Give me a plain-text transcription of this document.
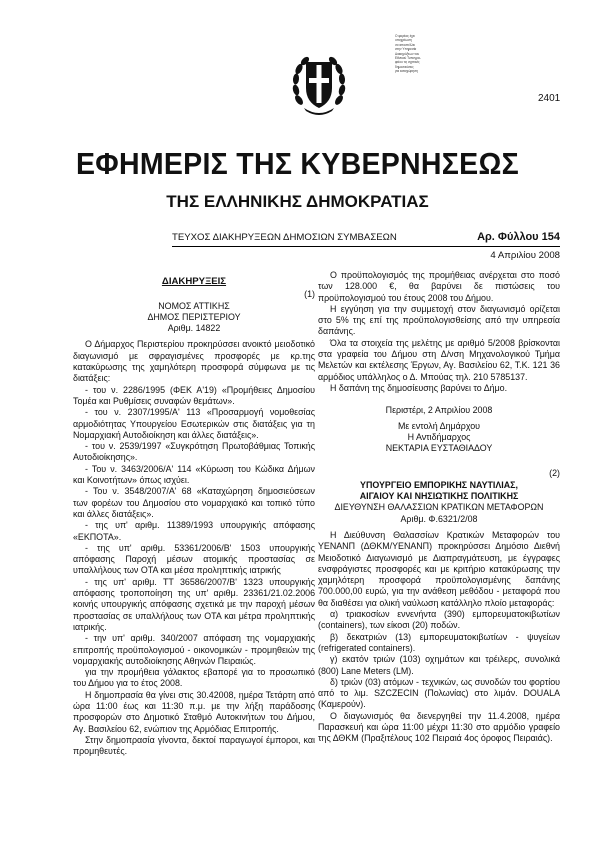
Ο φορέας έχει
υποχρέωση
να αποστέλλει
στην Υπηρεσία
Διακηρύξεων του
Εθνικού Τυπογρα-
φείου τις σχετικές
δημοσιεύσεις
για καταχώρηση
2401
ΕΦΗΜΕΡΙΣ ΤΗΣ ΚΥΒΕΡΝΗΣΕΩΣ
ΤΗΣ ΕΛΛΗΝΙΚΗΣ ΔΗΜΟΚΡΑΤΙΑΣ
ΤΕΥΧΟΣ ΔΙΑΚΗΡΥΞΕΩΝ ΔΗΜΟΣΙΩΝ ΣΥΜΒΑΣΕΩΝ	Αρ. Φύλλου 154
4 Απριλίου 2008
ΔΙΑΚΗΡΥΞΕΙΣ
(1)
ΝΟΜΟΣ ΑΤΤΙΚΗΣ
ΔΗΜΟΣ ΠΕΡΙΣΤΕΡΙΟΥ
Αριθμ. 14822

Ο Δήμαρχος Περιστερίου προκηρύσσει ανοικτό μειοδοτικό διαγωνισμό με σφραγισμένες προσφορές με κρ.της κατακύρωσης της χαμηλότερη προσφορά σύμφωνα με τις διατάξεις:

- του ν. 2286/1995 (ΦΕΚ Α'19) «Προμήθειες Δημοσίου Τομέα και Ρυθμίσεις συναφών θεμάτων».

- του ν. 2307/1995/Α' 113 «Προσαρμογή νομοθεσίας αρμοδιότητας Υπουργείου Εσωτερικών στις διατάξεις για τη Νομαρχιακή Αυτοδιοίκηση και άλλες διατάξεις».

- του ν. 2539/1997 «Συγκρότηση Πρωτοβάθμιας Τοπικής Αυτοδιοίκησης».

- Του ν. 3463/2006/Α' 114 «Κύρωση του Κώδικα Δήμων και Κοινοτήτων» όπως ισχύει.

- Του ν. 3548/2007/Α' 68 «Καταχώρηση δημοσιεύσεων των φορέων του Δημοσίου στο νομαρχιακό και τοπικό τύπο και άλλες διατάξεις».

- της υπ' αριθμ. 11389/1993 υπουργικής απόφασης «ΕΚΠΟΤΑ».

- της υπ' αριθμ. 53361/2006/Β' 1503 υπουργικής απόφασης Παροχή μέσων ατομικής προστασίας σε υπαλλήλους των ΟΤΑ και μέσα προληπτικής ιατρικής

- της υπ' αριθμ. ΤΤ 36586/2007/Β' 1323 υπουργικής απόφασης τροποποίηση της υπ' αριθμ. 23361/21.02.2006 κοινής υπουργικής απόφασης σχετικά με την παροχή μέσων προστασίας σε υπαλλήλους των ΟΤΑ και μέτρα προληπτικής ιατρικής.

- την υπ' αριθμ. 340/2007 απόφαση της νομαρχιακής επιτροπής προϋπολογισμού - οικονομικών - προμηθειών της νομαρχιακής αυτοδιοίκησης Αθηνών Πειραιώς.

για την προμήθεια γάλακτος εβαπορέ για το προσωπικό του Δήμου για το έτος 2008.

Η δημοπρασία θα γίνει στις 30.42008, ημέρα Τετάρτη από ώρα 11:00 έως και 11:30 π.μ. με την λήξη παράδοσης προσφορών στο Δημοτικό Σταθμό Αυτοκινήτων του Δήμου, Αγ. Βασιλείου 62, ενώπιον της Αρμόδιας Επιτροπής.

Στην δημοπρασία γίνοντα, δεκτοί παραγωγοί έμποροι, και προμηθευτές.

Ο προϋπολογισμός της προμήθειας ανέρχεται στο ποσό των 128.000 €, θα βαρύνει δε πιστώσεις του προϋπολογισμού του έτους 2008 του Δήμου.

Η εγγύηση για την συμμετοχή στον διαγωνισμό ορίζεται στο 5% της επί της προϋπολογισθείσης από την υπηρεσία δαπάνης.

Όλα τα στοιχεία της μελέτης με αριθμό 5/2008 βρίσκονται στα γραφεία του Δήμου στη Δ/νση Μηχανολογικού Τμήμα Μελετών και εκτέλεσης Έργων, Αγ. Βασιλείου 62, Τ.Κ. 121 36 αρμόδιος υπάλληλος ο Δ. Μπούας τηλ. 210 5785137.

Η δαπάνη της δημοσίευσης βαρύνει το Δήμο.

Περιστέρι, 2 Απριλίου 2008
Με εντολή Δημάρχου
Η Αντιδήμαρχος
ΝΕΚΤΑΡΙΑ ΕΥΣΤΑΘΙΑΔΟΥ
(2)
ΥΠΟΥΡΓΕΙΟ ΕΜΠΟΡΙΚΗΣ ΝΑΥΤΙΛΙΑΣ,
ΑΙΓΑΙΟΥ ΚΑΙ ΝΗΣΙΩΤΙΚΗΣ ΠΟΛΙΤΙΚΗΣ
ΔΙΕΥΘΥΝΣΗ ΘΑΛΑΣΣΙΩΝ ΚΡΑΤΙΚΩΝ ΜΕΤΑΦΟΡΩΝ
Αριθμ. Φ.6321/2/08

Η Διεύθυνση Θαλασσίων Κρατικών Μεταφορών του ΥΕΝΑΝΠ (ΔΘΚΜ/ΥΕΝΑΝΠ) προκηρύσσει Δημόσιο Διεθνή Μειοδοτικό Διαγωνισμό με Διαπραγμάτευση, με έγγραφες ενσφράγιστες προσφορές και με κριτήριο κατακύρωσης την χαμηλότερη προσφορά προϋπολογισμένης δαπάνης 700.000,00 ευρώ, για την ανάθεση μεθόδου - μεταφορά που θα διαθέσει για ολική ναύλωση κατάλληλο πλοίο μεταφοράς:

α) τριακοσίων εννενήντα (390) εμπορευματοκιβωτίων (containers), των είκοσι (20) ποδών.

β) δεκατριών (13) εμπορευματοκιβωτίων - ψυγείων (refrigerated containers).

γ) εκατόν τριών (103) οχημάτων και τρέιλερς, συνολικά (800) Lane Meters (LM).

δ) τριών (03) ατόμων - τεχνικών, ως συνοδών του φορτίου από το λιμ. SZCZECIN (Πολωνίας) στο λιμάν. DOUALA (Καμερούν).

Ο διαγωνισμός θα διενεργηθεί την 11.4.2008, ημέρα Παρασκευή και ώρα 11:00 μέχρι 11:30 στο αρμόδιο γραφείο της ΔΘΚΜ (Πραξιτέλους 102 Πειραιά 4ος όροφος Πειραιάς).
